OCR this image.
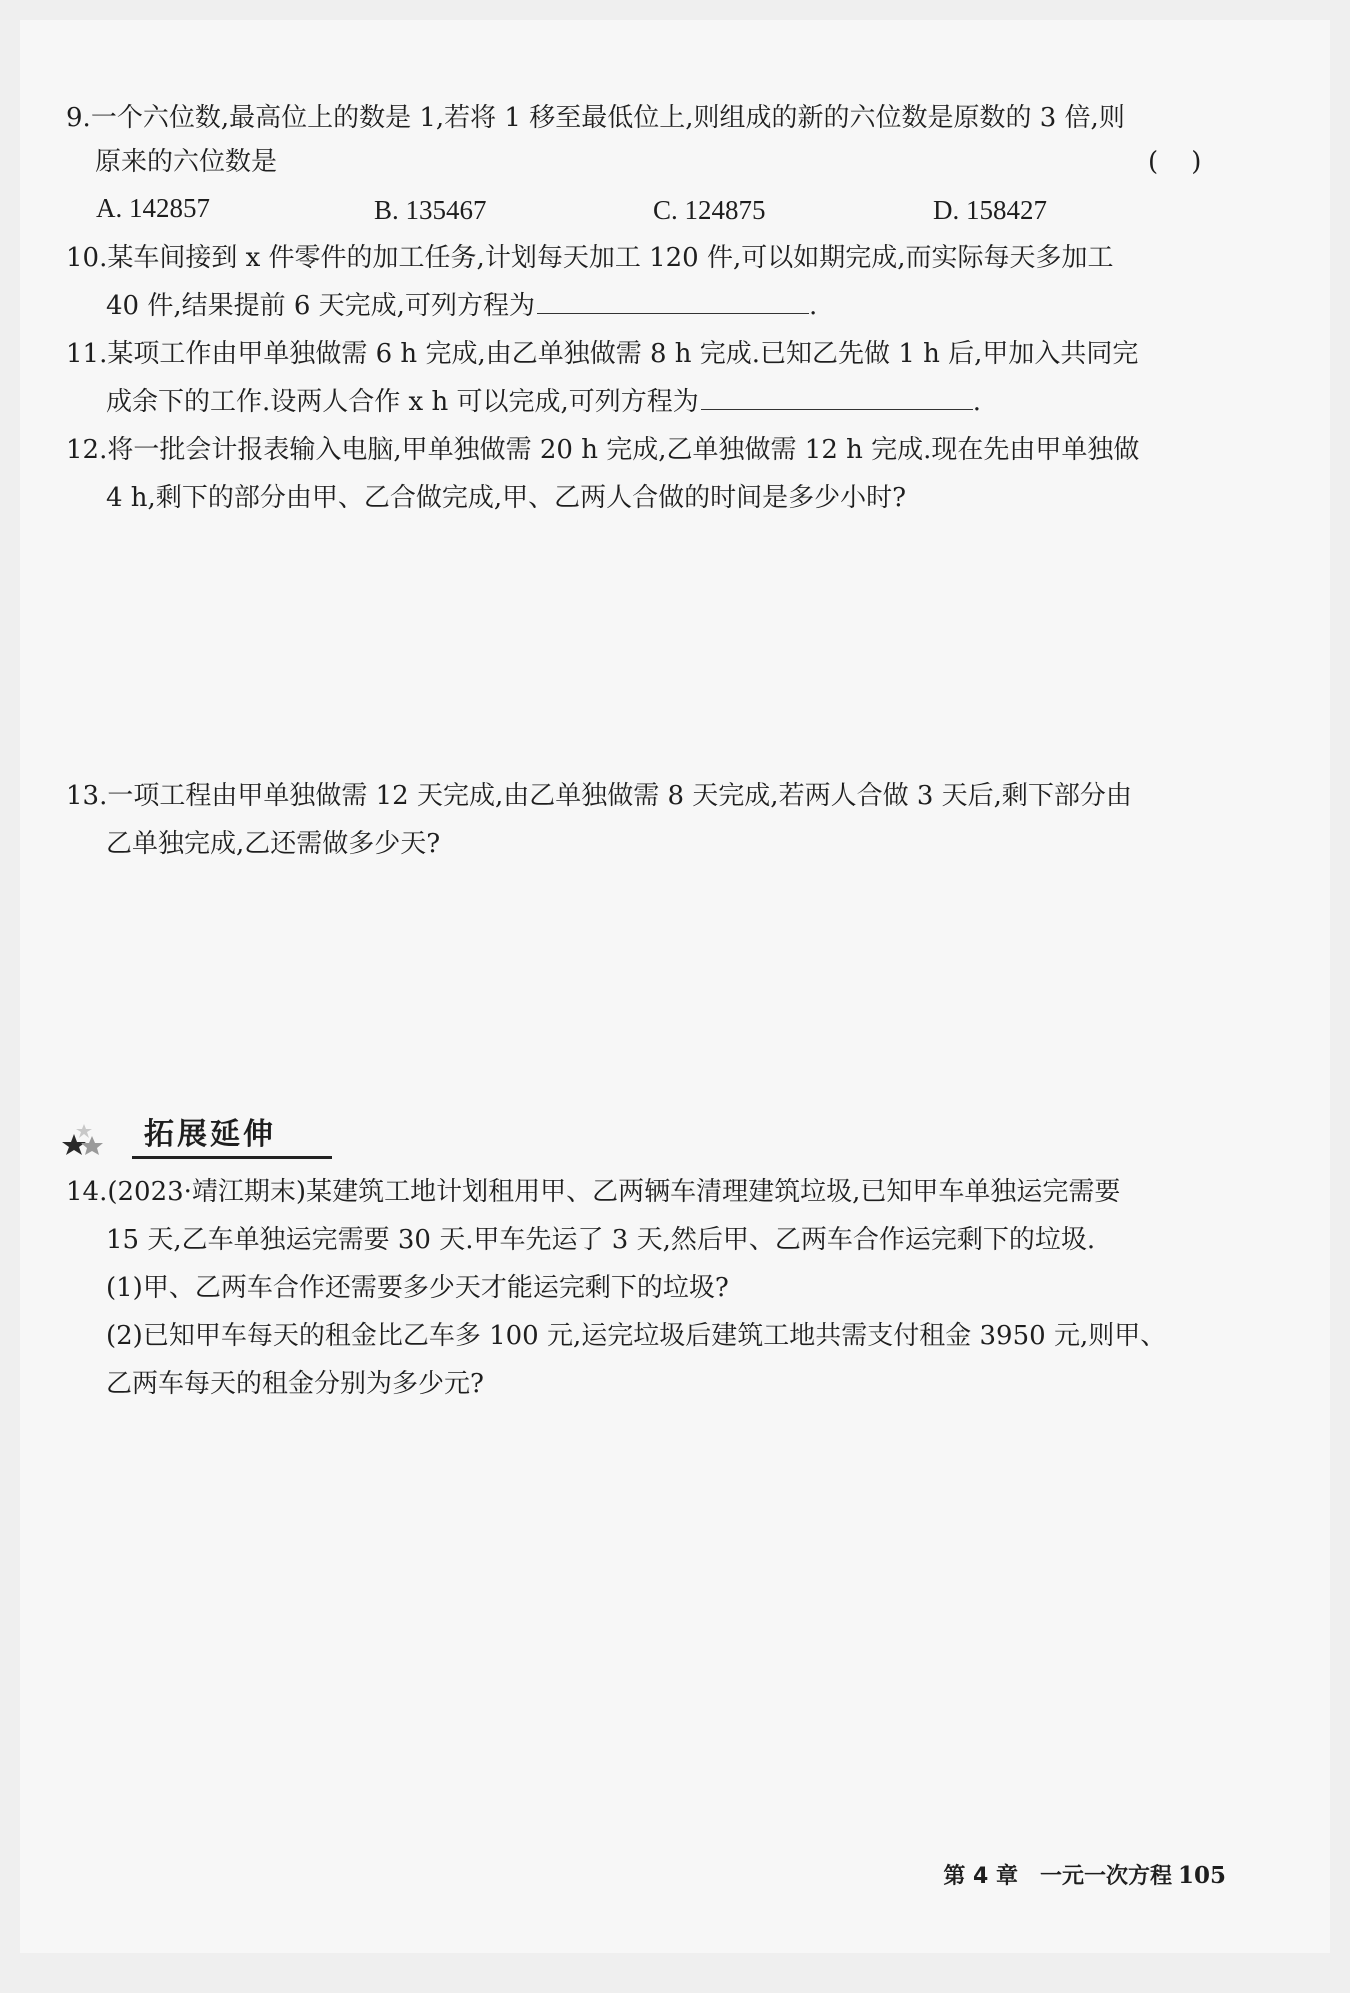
9.一个六位数,最高位上的数是 1,若将 1 移至最低位上,则组成的新的六位数是原数的 3 倍,则
原来的六位数是	(    )
A. 142857	B. 135467	C. 124875	D. 158427
10.某车间接到 x 件零件的加工任务,计划每天加工 120 件,可以如期完成,而实际每天多加工
40 件,结果提前 6 天完成,可列方程为	.
11.某项工作由甲单独做需 6 h 完成,由乙单独做需 8 h 完成.已知乙先做 1 h 后,甲加入共同完
成余下的工作.设两人合作 x h 可以完成,可列方程为	.
12.将一批会计报表输入电脑,甲单独做需 20 h 完成,乙单独做需 12 h 完成.现在先由甲单独做
4 h,剩下的部分由甲、乙合做完成,甲、乙两人合做的时间是多少小时?
13.一项工程由甲单独做需 12 天完成,由乙单独做需 8 天完成,若两人合做 3 天后,剩下部分由
乙单独完成,乙还需做多少天?
拓展延伸
14.(2023·靖江期末)某建筑工地计划租用甲、乙两辆车清理建筑垃圾,已知甲车单独运完需要
15 天,乙车单独运完需要 30 天.甲车先运了 3 天,然后甲、乙两车合作运完剩下的垃圾.
(1)甲、乙两车合作还需要多少天才能运完剩下的垃圾?
(2)已知甲车每天的租金比乙车多 100 元,运完垃圾后建筑工地共需支付租金 3950 元,则甲、
乙两车每天的租金分别为多少元?
第 4 章 一元一次方程 105
